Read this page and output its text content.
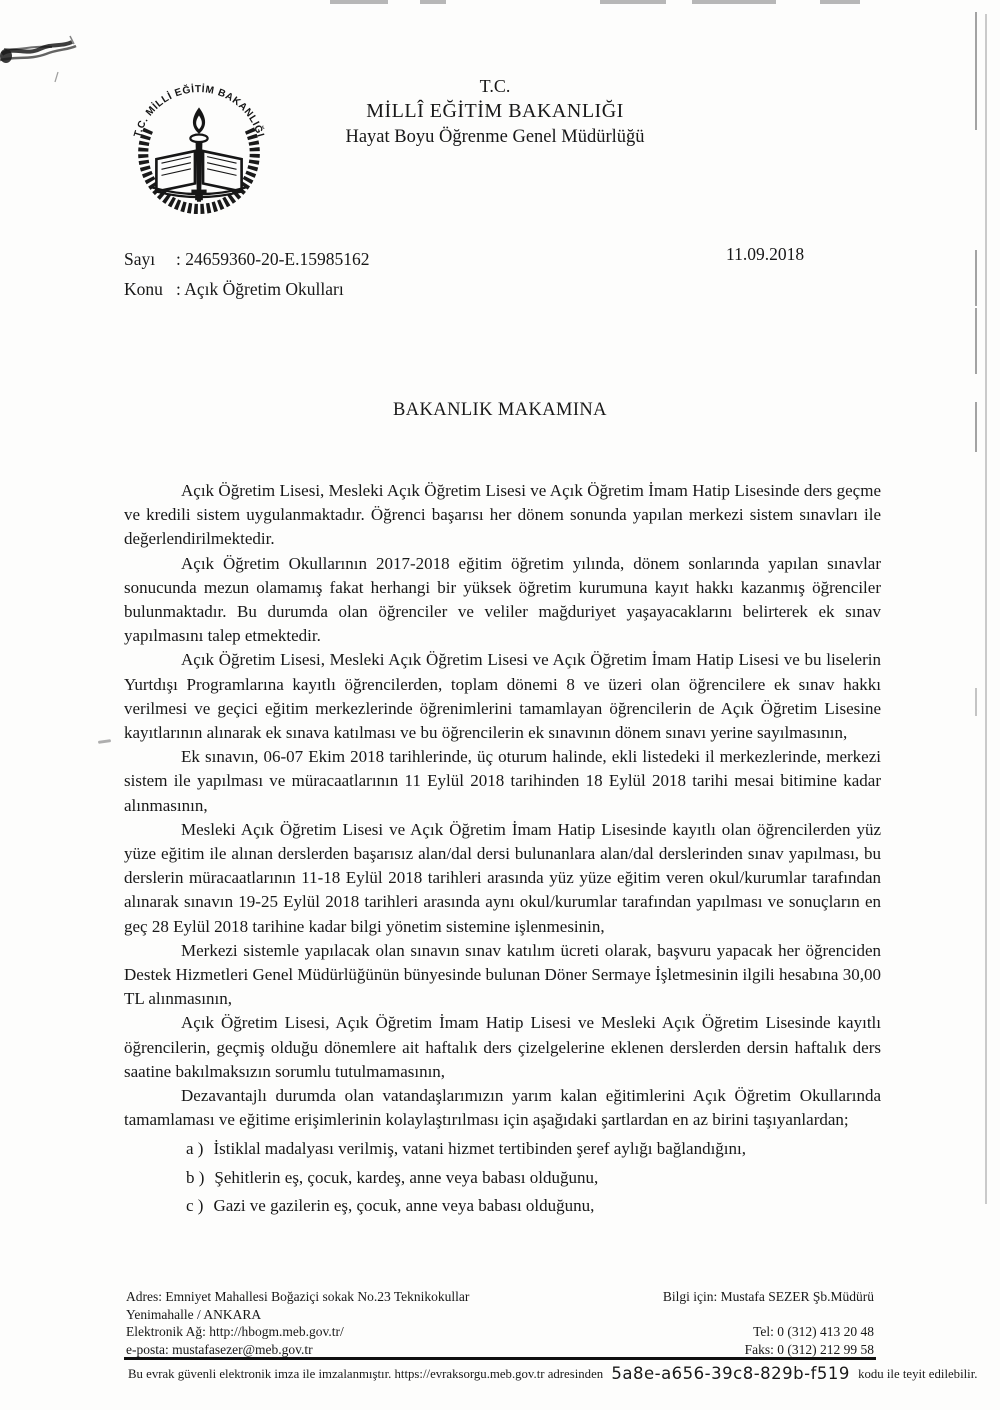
T.C. MİLLİ EĞİTİM BAKANLIĞI
T.C.
MİLLÎ EĞİTİM BAKANLIĞI
Hayat Boyu Öğrenme Genel Müdürlüğü
Sayı	: 24659360-20-E.15985162
Konu : Açık Öğretim Okulları
11.09.2018
BAKANLIK MAKAMINA

Açık Öğretim Lisesi, Mesleki Açık Öğretim Lisesi ve Açık Öğretim İmam Hatip Lisesinde ders geçme ve kredili sistem uygulanmaktadır. Öğrenci başarısı her dönem sonunda yapılan merkezi sistem sınavları ile değerlendirilmektedir.

Açık Öğretim Okullarının 2017-2018 eğitim öğretim yılında, dönem sonlarında yapılan sınavlar sonucunda mezun olamamış fakat herhangi bir yüksek öğretim kurumuna kayıt hakkı kazanmış öğrenciler bulunmaktadır. Bu durumda olan öğrenciler ve veliler mağduriyet yaşayacaklarını belirterek ek sınav yapılmasını talep etmektedir.

Açık Öğretim Lisesi, Mesleki Açık Öğretim Lisesi ve Açık Öğretim İmam Hatip Lisesi ve bu liselerin Yurtdışı Programlarına kayıtlı öğrencilerden, toplam dönemi 8 ve üzeri olan öğrencilere ek sınav hakkı verilmesi ve geçici eğitim merkezlerinde öğrenimlerini tamamlayan öğrencilerin de Açık Öğretim Lisesine kayıtlarının alınarak ek sınava katılması ve bu öğrencilerin ek sınavının dönem sınavı yerine sayılmasının,

Ek sınavın, 06-07 Ekim 2018 tarihlerinde, üç oturum halinde, ekli listedeki il merkezlerinde, merkezi sistem ile yapılması ve müracaatlarının 11 Eylül 2018 tarihinden 18 Eylül 2018 tarihi mesai bitimine kadar alınmasının,

Mesleki Açık Öğretim Lisesi ve Açık Öğretim İmam Hatip Lisesinde kayıtlı olan öğrencilerden yüz yüze eğitim ile alınan derslerden başarısız alan/dal dersi bulunanlara alan/dal derslerinden sınav yapılması, bu derslerin müracaatlarının 11-18 Eylül 2018 tarihleri arasında yüz yüze eğitim veren okul/kurumlar tarafından alınarak sınavın 19-25 Eylül 2018 tarihleri arasında aynı okul/kurumlar tarafından yapılması ve sonuçların en geç 28 Eylül 2018 tarihine kadar bilgi yönetim sistemine işlenmesinin,

Merkezi sistemle yapılacak olan sınavın sınav katılım ücreti olarak, başvuru yapacak her öğrenciden Destek Hizmetleri Genel Müdürlüğünün bünyesinde bulunan Döner Sermaye İşletmesinin ilgili hesabına 30,00 TL alınmasının,

Açık Öğretim Lisesi, Açık Öğretim İmam Hatip Lisesi ve Mesleki Açık Öğretim Lisesinde kayıtlı öğrencilerin, geçmiş olduğu dönemlere ait haftalık ders çizelgelerine eklenen derslerden dersin haftalık ders saatine bakılmaksızın sorumlu tutulmamasının,

Dezavantajlı durumda olan vatandaşlarımızın yarım kalan eğitimlerini Açık Öğretim Okullarında tamamlaması ve eğitime erişimlerinin kolaylaştırılması için aşağıdaki şartlardan en az birini taşıyanlardan;

a ) İstiklal madalyası verilmiş, vatani hizmet tertibinden şeref aylığı bağlandığını,
b ) Şehitlerin eş, çocuk, kardeş, anne veya babası olduğunu,
c ) Gazi ve gazilerin eş, çocuk, anne veya babası olduğunu,
Adres: Emniyet Mahallesi Boğaziçi sokak No.23 Teknikokullar
Yenimahalle / ANKARA
Elektronik Ağ: http://hbogm.meb.gov.tr/
e-posta: mustafasezer@meb.gov.tr
Bilgi için: Mustafa SEZER Şb.Müdürü
Tel: 0 (312) 413 20 48
Faks: 0 (312) 212 99 58
Bu evrak güvenli elektronik imza ile imzalanmıştır. https://evraksorgu.meb.gov.tr adresinden 5a8e-a656-39c8-829b-f519 kodu ile teyit edilebilir.
